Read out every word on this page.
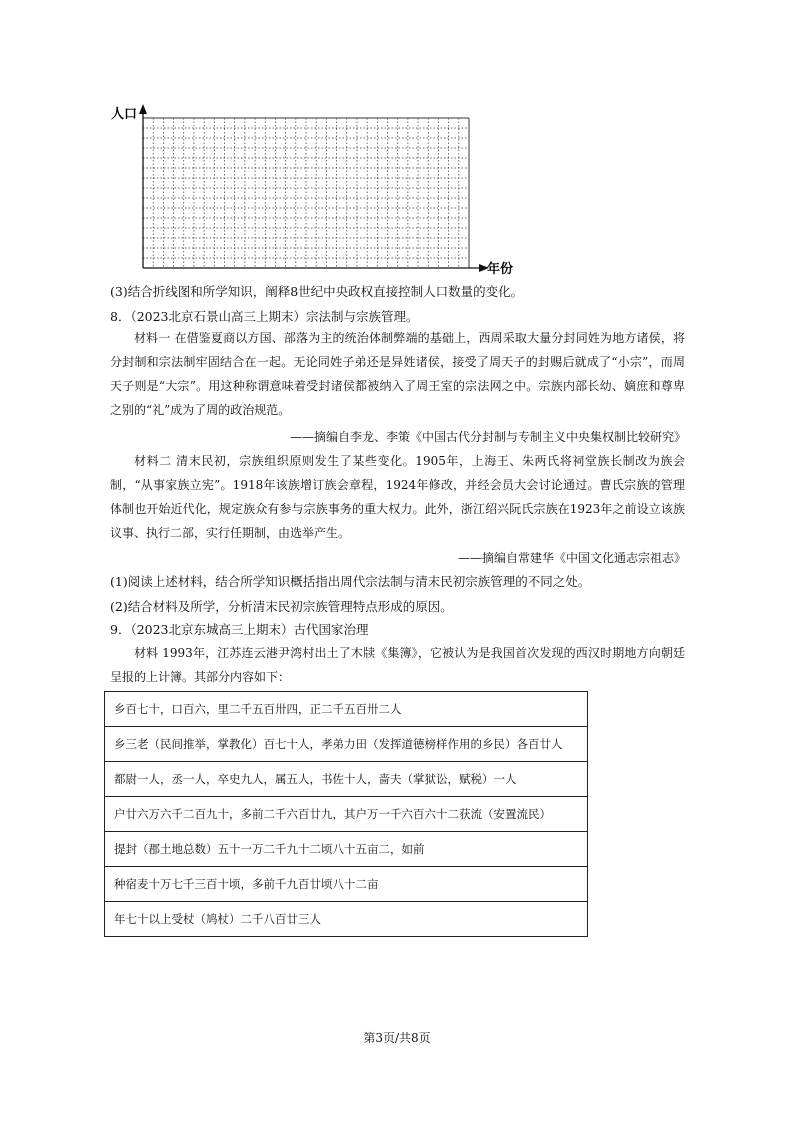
人口
年份
(3)结合折线图和所学知识，阐释8世纪中央政权直接控制人口数量的变化。
8．（2023北京石景山高三上期末）宗法制与宗族管理。
材料一 在借鉴夏商以方国、部落为主的统治体制弊端的基础上，西周采取大量分封同姓为地方诸侯，将分封制和宗法制牢固结合在一起。无论同姓子弟还是异姓诸侯，接受了周天子的封赐后就成了“小宗”，而周天子则是“大宗”。用这种称谓意味着受封诸侯都被纳入了周王室的宗法网之中。宗族内部长幼、嫡庶和尊卑之别的“礼”成为了周的政治规范。
——摘编自李龙、李策《中国古代分封制与专制主义中央集权制比较研究》
材料二 清末民初，宗族组织原则发生了某些变化。1905年，上海王、朱两氏将祠堂族长制改为族会制，“从事家族立宪”。1918年该族增订族会章程，1924年修改，并经会员大会讨论通过。曹氏宗族的管理体制也开始近代化，规定族众有参与宗族事务的重大权力。此外，浙江绍兴阮氏宗族在1923年之前设立该族议事、执行二部，实行任期制，由选举产生。
——摘编自常建华《中国文化通志宗祖志》
(1)阅读上述材料，结合所学知识概括指出周代宗法制与清末民初宗族管理的不同之处。
(2)结合材料及所学，分析清末民初宗族管理特点形成的原因。
9．（2023北京东城高三上期末）古代国家治理
材料 1993年，江苏连云港尹湾村出土了木牍《集簿》，它被认为是我国首次发现的西汉时期地方向朝廷呈报的上计簿。其部分内容如下：
乡百七十，口百六，里二千五百卅四，正二千五百卅二人
乡三老（民间推举，掌教化）百七十人，孝弟力田（发挥道德榜样作用的乡民）各百廿人
都尉一人，丞一人，卒史九人，属五人，书佐十人，啬夫（掌狱讼，赋税）一人
户廿六万六千二百九十，多前二千六百廿九，其户万一千六百六十二获流（安置流民）
提封（郡土地总数）五十一万二千九十二顷八十五亩二，如前
种宿麦十万七千三百十顷，多前千九百廿顷八十二亩
年七十以上受杖（鸠杖）二千八百廿三人
第3页/共8页
